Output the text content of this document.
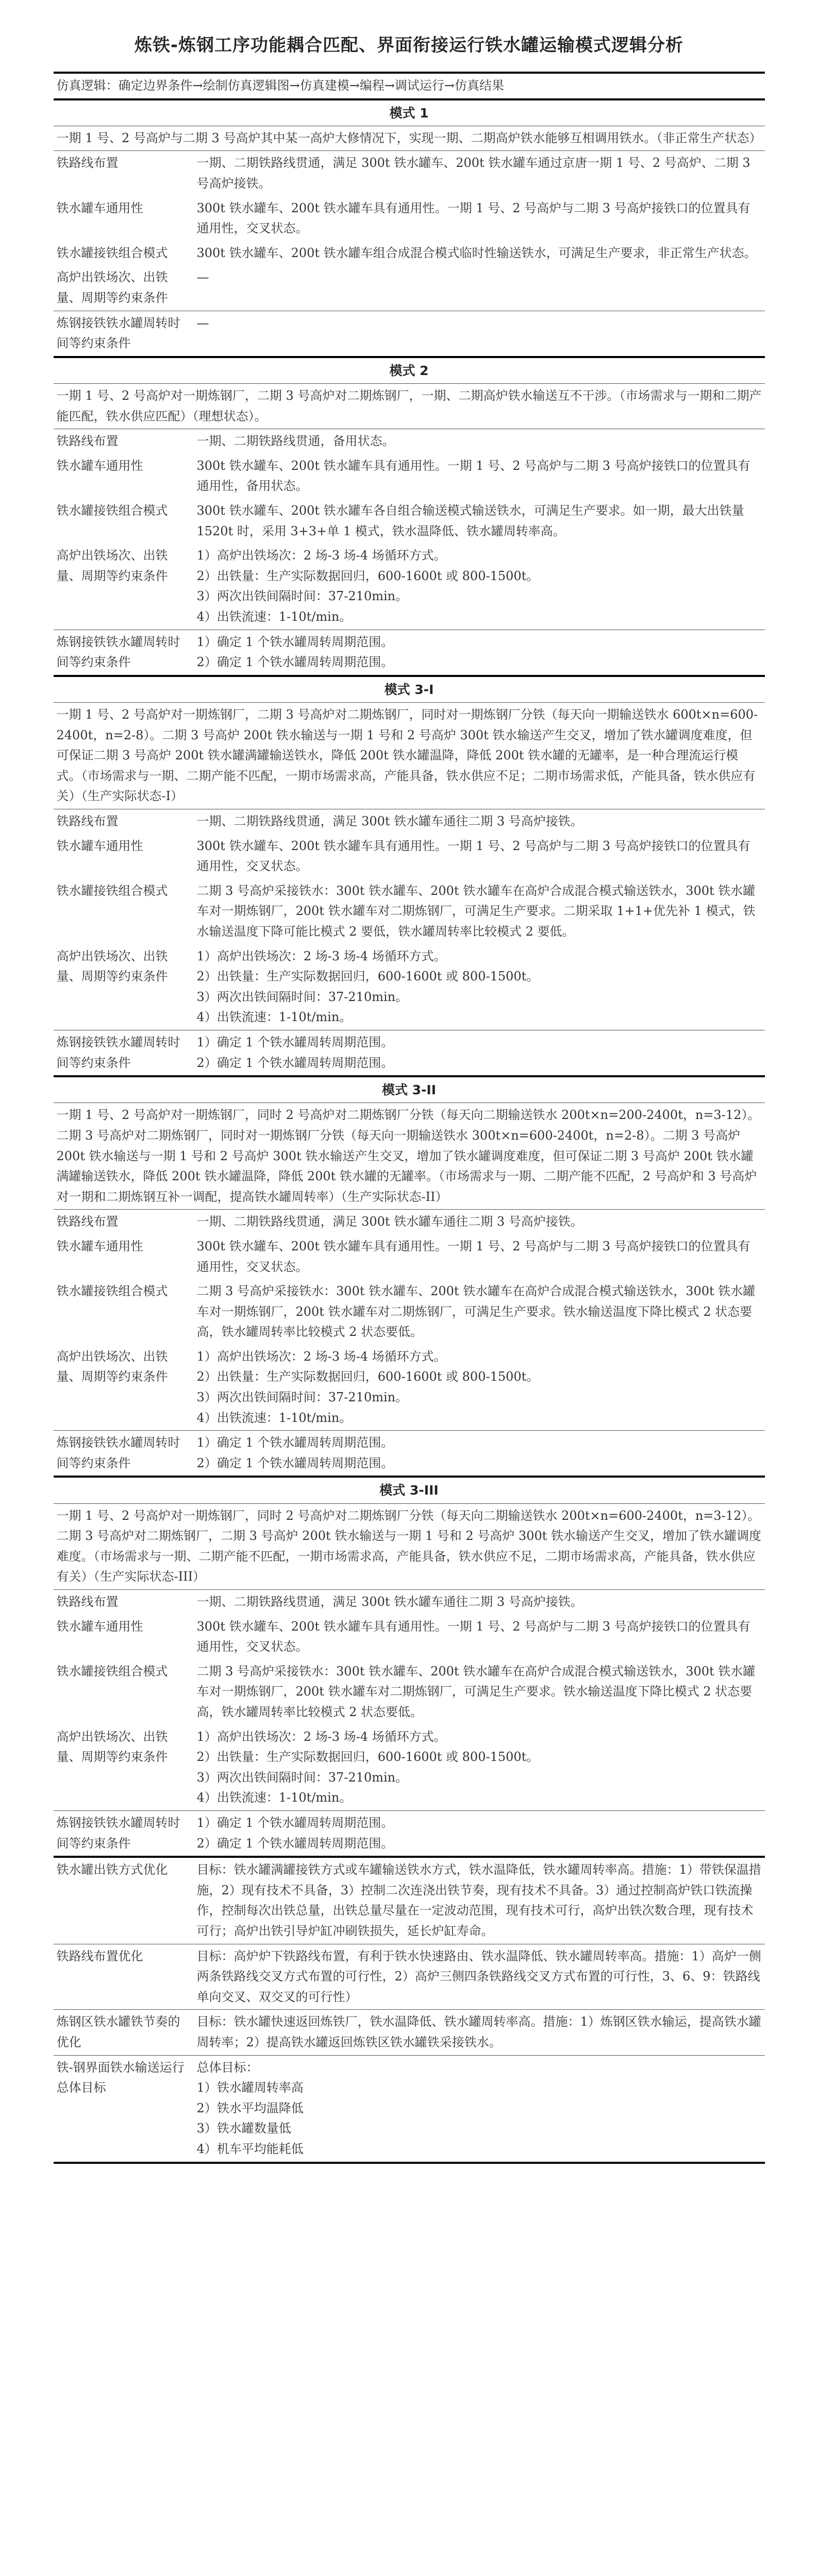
炼铁-炼钢工序功能耦合匹配、界面衔接运行铁水罐运输模式逻辑分析
仿真逻辑：确定边界条件→绘制仿真逻辑图→仿真建模→编程→调试运行→仿真结果	
模式 1	
一期 1 号、2 号高炉与二期 3 号高炉其中某一高炉大修情况下，实现一期、二期高炉铁水能够互相调用铁水。（非正常生产状态）	
铁路线布置	一期、二期铁路线贯通，满足 300t 铁水罐车、200t 铁水罐车通过京唐一期 1 号、2 号高炉、二期 3 号高炉接铁。

铁水罐车通用性	300t 铁水罐车、200t 铁水罐车具有通用性。一期 1 号、2 号高炉与二期 3 号高炉接铁口的位置具有通用性，交叉状态。

铁水罐接铁组合模式	300t 铁水罐车、200t 铁水罐车组合成混合模式临时性输送铁水，可满足生产要求，非正常生产状态。

高炉出铁场次、出铁量、周期等约束条件	—

炼钢接铁铁水罐周转时间等约束条件	—

模式 2	
一期 1 号、2 号高炉对一期炼钢厂，二期 3 号高炉对二期炼钢厂，一期、二期高炉铁水输送互不干涉。（市场需求与一期和二期产能匹配，铁水供应匹配）（理想状态）。	
铁路线布置	一期、二期铁路线贯通，备用状态。

铁水罐车通用性	300t 铁水罐车、200t 铁水罐车具有通用性。一期 1 号、2 号高炉与二期 3 号高炉接铁口的位置具有通用性，备用状态。

铁水罐接铁组合模式	300t 铁水罐车、200t 铁水罐车各自组合输送模式输送铁水，可满足生产要求。如一期，最大出铁量 1520t 时，采用 3+3+单 1 模式，铁水温降低、铁水罐周转率高。

高炉出铁场次、出铁量、周期等约束条件	1）高炉出铁场次：2 场-3 场-4 场循环方式。
2）出铁量：生产实际数据回归，600-1600t 或 800-1500t。
3）两次出铁间隔时间：37-210min。
4）出铁流速：1-10t/min。

炼钢接铁铁水罐周转时间等约束条件	1）确定 1 个铁水罐周转周期范围。
2）确定 1 个铁水罐周转周期范围。

模式 3-I	
一期 1 号、2 号高炉对一期炼钢厂，二期 3 号高炉对二期炼钢厂，同时对一期炼钢厂分铁（每天向一期输送铁水 600t×n=600-2400t，n=2-8）。二期 3 号高炉 200t 铁水输送与一期 1 号和 2 号高炉 300t 铁水输送产生交叉，增加了铁水罐调度难度，但可保证二期 3 号高炉 200t 铁水罐满罐输送铁水，降低 200t 铁水罐温降，降低 200t 铁水罐的无罐率，是一种合理流运行模式。（市场需求与一期、二期产能不匹配，一期市场需求高，产能具备，铁水供应不足；二期市场需求低，产能具备，铁水供应有关）（生产实际状态-I）	
铁路线布置	一期、二期铁路线贯通，满足 300t 铁水罐车通往二期 3 号高炉接铁。

铁水罐车通用性	300t 铁水罐车、200t 铁水罐车具有通用性。一期 1 号、2 号高炉与二期 3 号高炉接铁口的位置具有通用性，交叉状态。

铁水罐接铁组合模式	二期 3 号高炉采接铁水：300t 铁水罐车、200t 铁水罐车在高炉合成混合模式输送铁水，300t 铁水罐车对一期炼钢厂，200t 铁水罐车对二期炼钢厂，可满足生产要求。二期采取 1+1+优先补 1 模式，铁水输送温度下降可能比模式 2 要低，铁水罐周转率比较模式 2 要低。

高炉出铁场次、出铁量、周期等约束条件	1）高炉出铁场次：2 场-3 场-4 场循环方式。
2）出铁量：生产实际数据回归，600-1600t 或 800-1500t。
3）两次出铁间隔时间：37-210min。
4）出铁流速：1-10t/min。

炼钢接铁铁水罐周转时间等约束条件	1）确定 1 个铁水罐周转周期范围。
2）确定 1 个铁水罐周转周期范围。

模式 3-II	
一期 1 号、2 号高炉对一期炼钢厂，同时 2 号高炉对二期炼钢厂分铁（每天向二期输送铁水 200t×n=200-2400t，n=3-12）。二期 3 号高炉对二期炼钢厂，同时对一期炼钢厂分铁（每天向一期输送铁水 300t×n=600-2400t，n=2-8）。二期 3 号高炉 200t 铁水输送与一期 1 号和 2 号高炉 300t 铁水输送产生交叉，增加了铁水罐调度难度，但可保证二期 3 号高炉 200t 铁水罐满罐输送铁水，降低 200t 铁水罐温降，降低 200t 铁水罐的无罐率。（市场需求与一期、二期产能不匹配，2 号高炉和 3 号高炉对一期和二期炼钢互补一调配，提高铁水罐周转率）（生产实际状态-II）	
铁路线布置	一期、二期铁路线贯通，满足 300t 铁水罐车通往二期 3 号高炉接铁。

铁水罐车通用性	300t 铁水罐车、200t 铁水罐车具有通用性。一期 1 号、2 号高炉与二期 3 号高炉接铁口的位置具有通用性，交叉状态。

铁水罐接铁组合模式	二期 3 号高炉采接铁水：300t 铁水罐车、200t 铁水罐车在高炉合成混合模式输送铁水，300t 铁水罐车对一期炼钢厂，200t 铁水罐车对二期炼钢厂，可满足生产要求。铁水输送温度下降比模式 2 状态要高，铁水罐周转率比较模式 2 状态要低。

高炉出铁场次、出铁量、周期等约束条件	1）高炉出铁场次：2 场-3 场-4 场循环方式。
2）出铁量：生产实际数据回归，600-1600t 或 800-1500t。
3）两次出铁间隔时间：37-210min。
4）出铁流速：1-10t/min。

炼钢接铁铁水罐周转时间等约束条件	1）确定 1 个铁水罐周转周期范围。
2）确定 1 个铁水罐周转周期范围。

模式 3-III	
一期 1 号、2 号高炉对一期炼钢厂，同时 2 号高炉对二期炼钢厂分铁（每天向二期输送铁水 200t×n=600-2400t，n=3-12）。二期 3 号高炉对二期炼钢厂，二期 3 号高炉 200t 铁水输送与一期 1 号和 2 号高炉 300t 铁水输送产生交叉，增加了铁水罐调度难度。（市场需求与一期、二期产能不匹配，一期市场需求高，产能具备，铁水供应不足，二期市场需求高，产能具备，铁水供应有关）（生产实际状态-III）	
铁路线布置	一期、二期铁路线贯通，满足 300t 铁水罐车通往二期 3 号高炉接铁。

铁水罐车通用性	300t 铁水罐车、200t 铁水罐车具有通用性。一期 1 号、2 号高炉与二期 3 号高炉接铁口的位置具有通用性，交叉状态。

铁水罐接铁组合模式	二期 3 号高炉采接铁水：300t 铁水罐车、200t 铁水罐车在高炉合成混合模式输送铁水，300t 铁水罐车对一期炼钢厂，200t 铁水罐车对二期炼钢厂，可满足生产要求。铁水输送温度下降比模式 2 状态要高，铁水罐周转率比较模式 2 状态要低。

高炉出铁场次、出铁量、周期等约束条件	1）高炉出铁场次：2 场-3 场-4 场循环方式。
2）出铁量：生产实际数据回归，600-1600t 或 800-1500t。
3）两次出铁间隔时间：37-210min。
4）出铁流速：1-10t/min。

炼钢接铁铁水罐周转时间等约束条件	1）确定 1 个铁水罐周转周期范围。
2）确定 1 个铁水罐周转周期范围。

铁水罐出铁方式优化	目标：铁水罐满罐接铁方式或车罐输送铁水方式，铁水温降低，铁水罐周转率高。措施：1）带铁保温措施，2）现有技术不具备，3）控制二次连浇出铁节奏，现有技术不具备。3）通过控制高炉铁口铁流操作，控制每次出铁总量，出铁总量尽量在一定波动范围，现有技术可行，高炉出铁次数合理，现有技术可行；高炉出铁引导炉缸冲刷铁损失，延长炉缸寿命。

铁路线布置优化	目标：高炉炉下铁路线布置，有利于铁水快速路由、铁水温降低、铁水罐周转率高。措施：1）高炉一侧两条铁路线交叉方式布置的可行性，2）高炉三侧四条铁路线交叉方式布置的可行性，3、6、9：铁路线单向交叉、双交叉的可行性）

炼钢区铁水罐铁节奏的优化	目标：铁水罐快速返回炼铁厂，铁水温降低、铁水罐周转率高。措施：1）炼钢区铁水输运，提高铁水罐周转率；2）提高铁水罐返回炼铁区铁水罐铁采接铁水。

铁-钢界面铁水输送运行总体目标	总体目标：
1）铁水罐周转率高
2）铁水平均温降低
3）铁水罐数量低
4）机车平均能耗低
